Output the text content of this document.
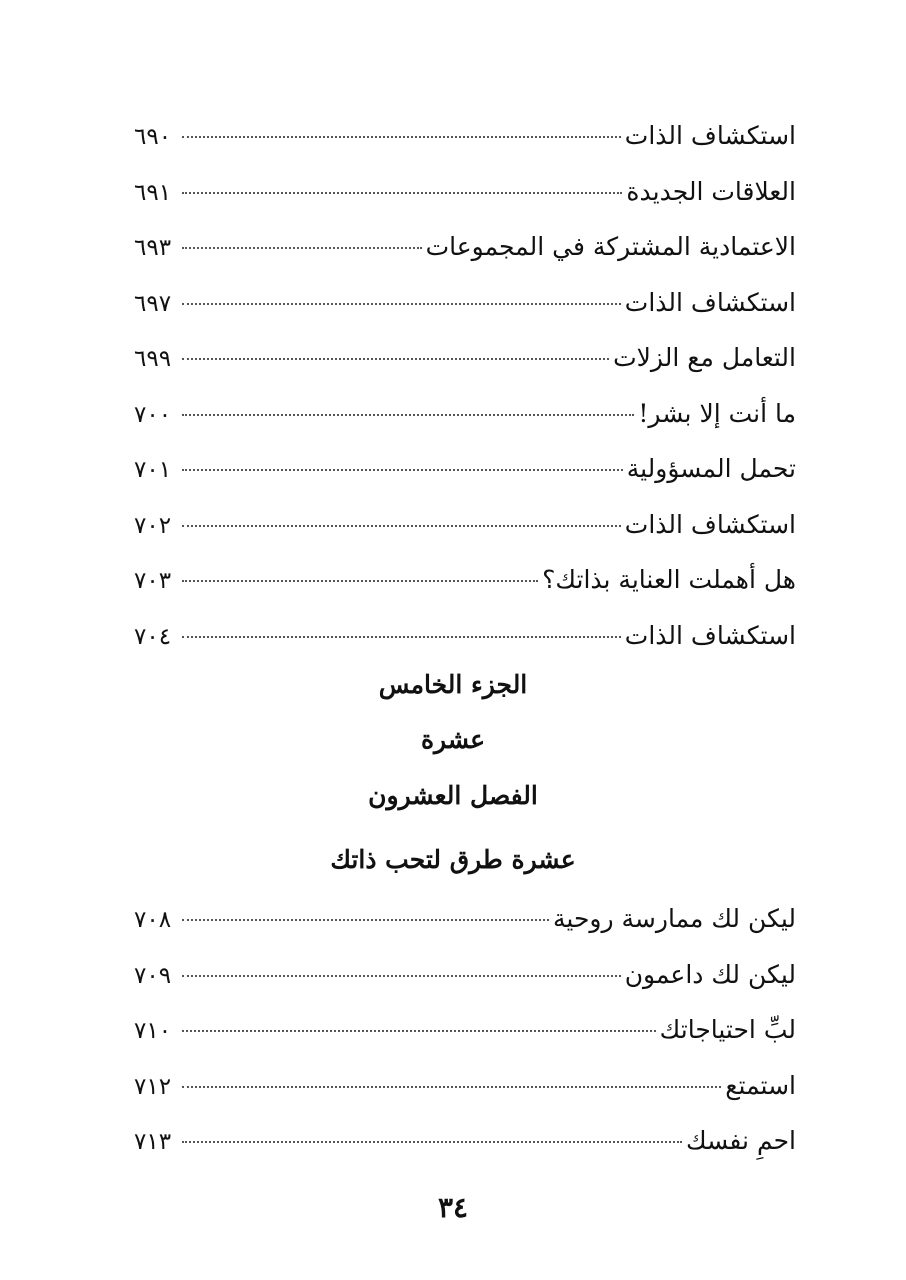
استكشاف الذات
٦٩٠
العلاقات الجديدة
٦٩١
الاعتمادية المشتركة في المجموعات
٦٩٣
استكشاف الذات
٦٩٧
التعامل مع الزلات
٦٩٩
ما أنت إلا بشر!
٧٠٠
تحمل المسؤولية
٧٠١
استكشاف الذات
٧٠٢
هل أهملت العناية بذاتك؟
٧٠٣
استكشاف الذات
٧٠٤
الجزء الخامس
عشرة
الفصل العشرون
عشرة طرق لتحب ذاتك
ليكن لك ممارسة روحية
٧٠٨
ليكن لك داعمون
٧٠٩
لبِّ احتياجاتك
٧١٠
استمتع
٧١٢
احمِ نفسك
٧١٣
٣٤
